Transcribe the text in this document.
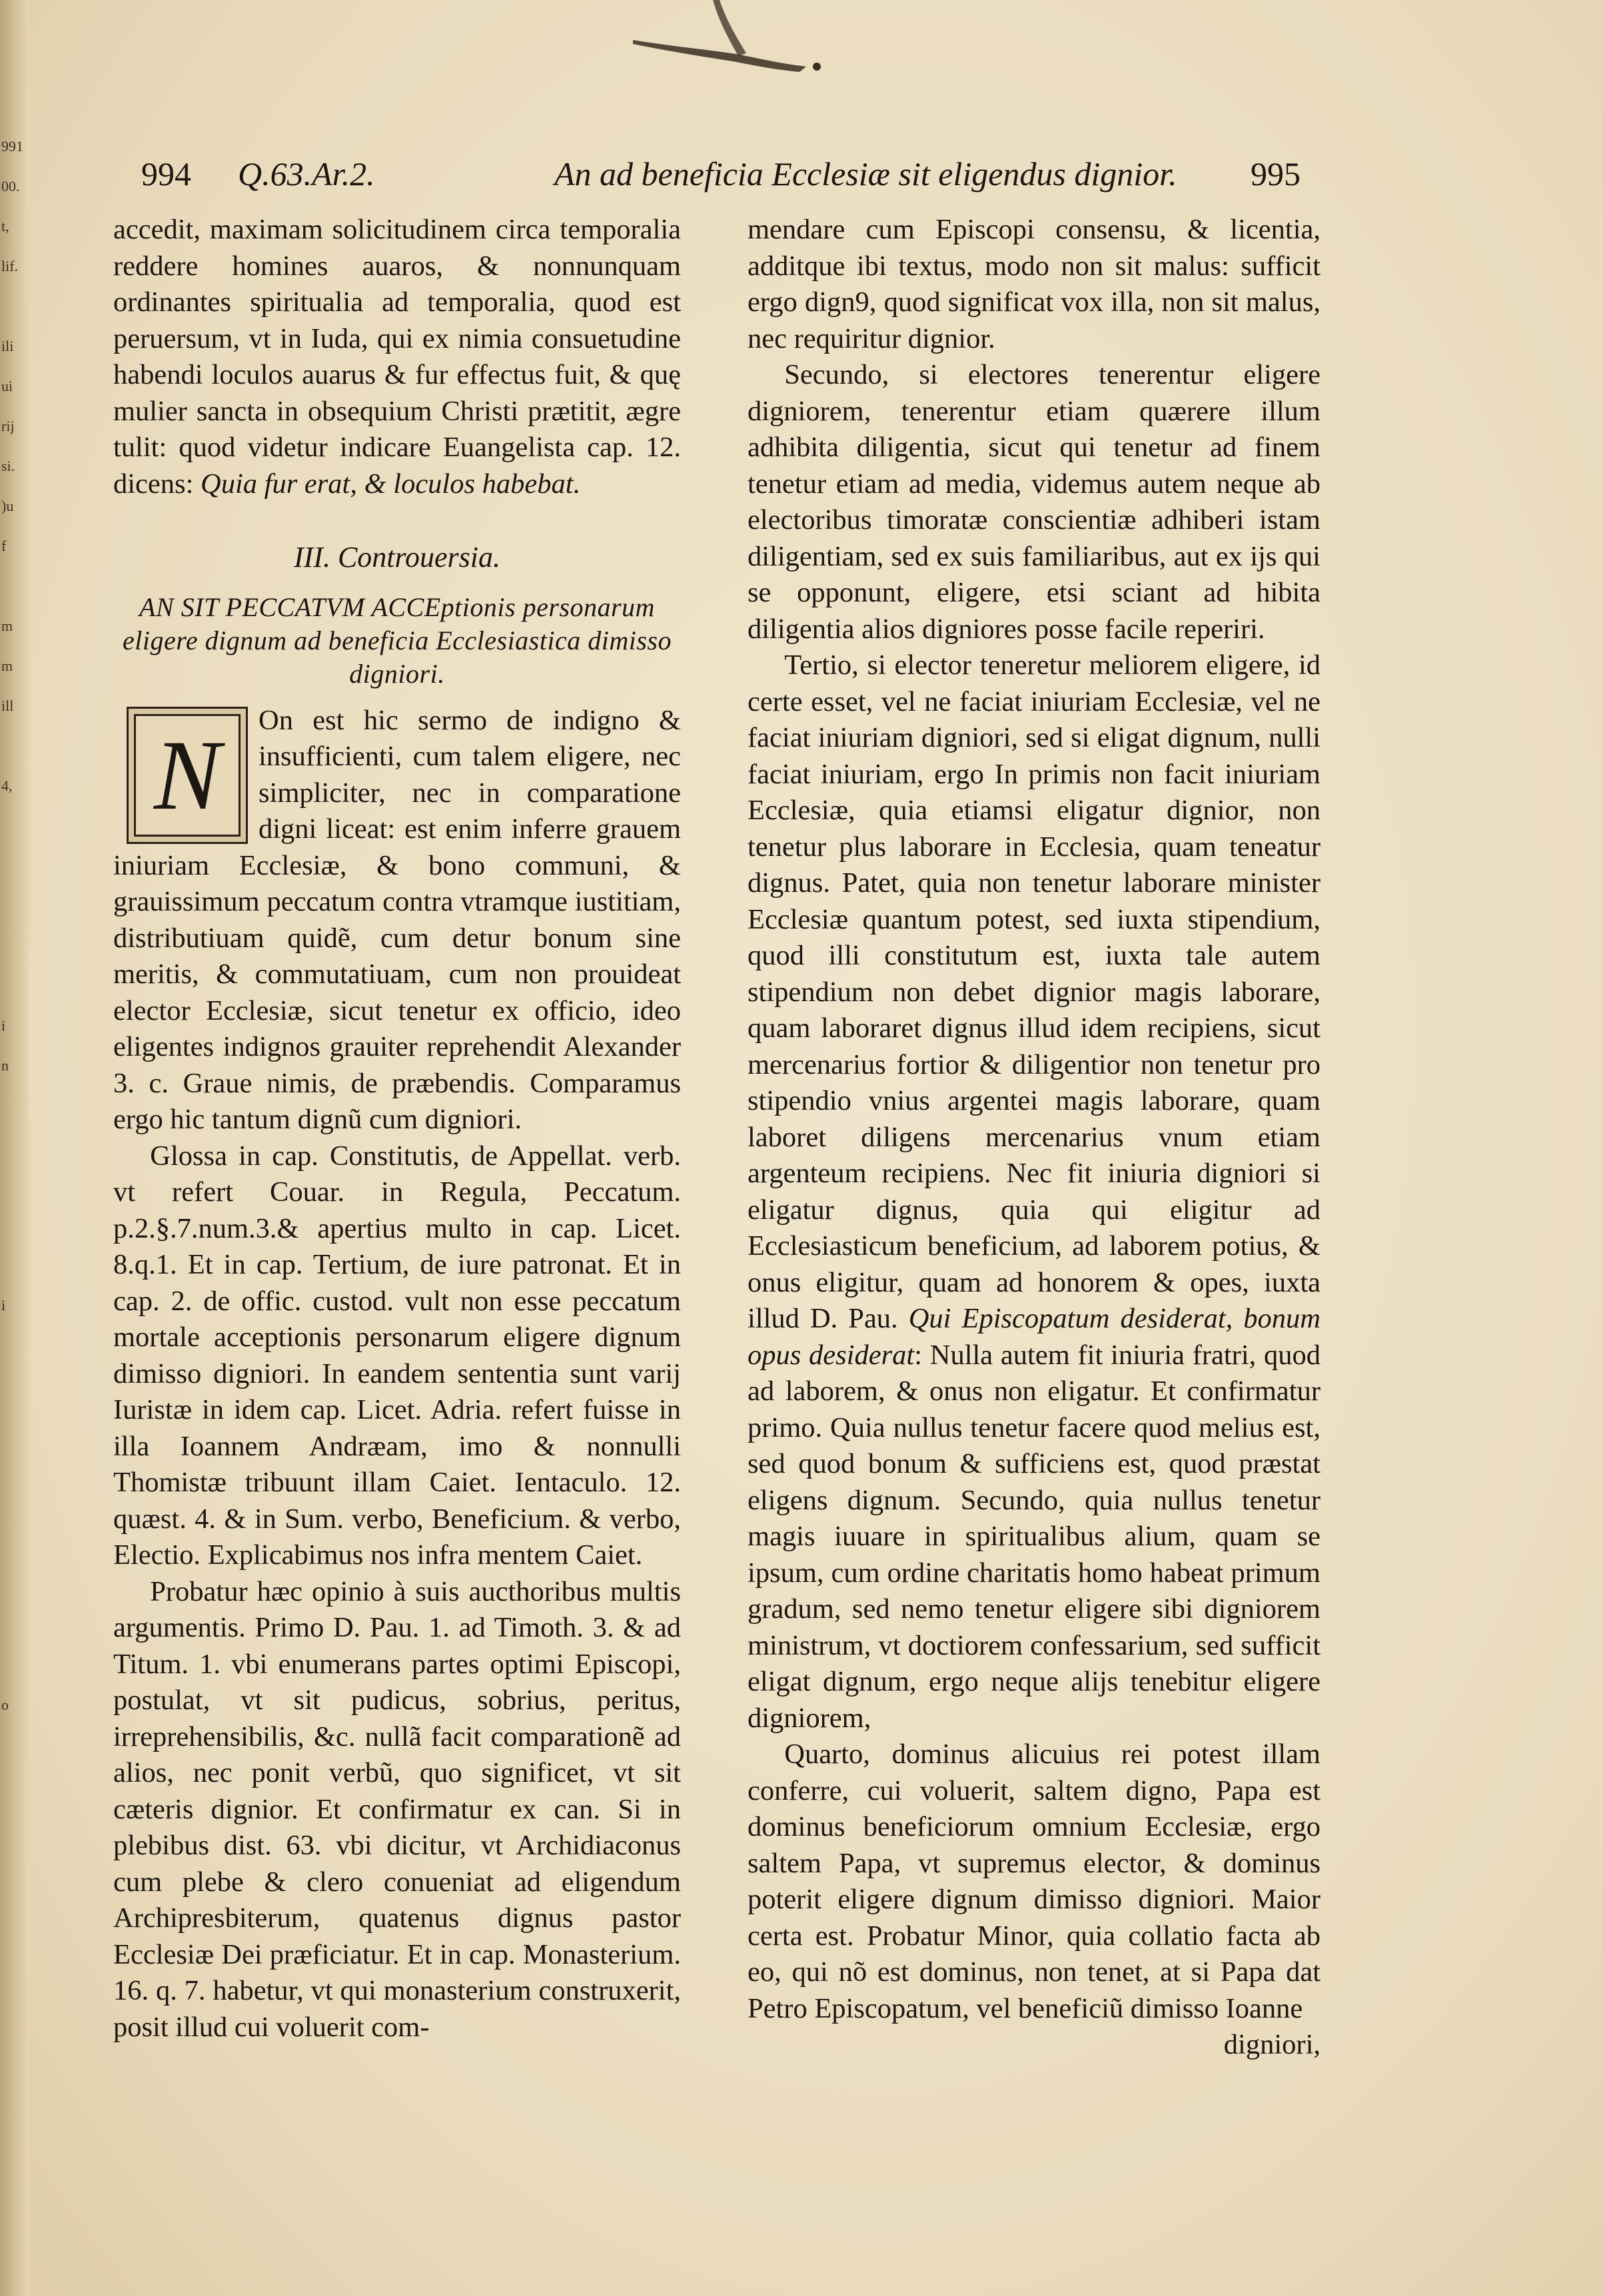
991
00.
t,
lif.

ili
ui
rij
si.
)u
f

m
m
ill

4,

i
n

i

o

994 Q.63.Ar.2.	An ad beneficia Ecclesiæ sit eligendus dignior. 995

accedit, maximam solicitudinem circa temporalia reddere homines auaros, & nonnunquam ordinantes spiritualia ad temporalia, quod est peruersum, vt in Iuda, qui ex nimia consuetudine habendi loculos auarus & fur effectus fuit, & quę mulier sancta in obsequium Christi prætitit, ægre tulit: quod videtur indicare Euangelista cap. 12. dicens: Quia fur erat, & loculos habebat.

III. Controuersia.

AN SIT PECCATVM ACCEptionis personarum eligere dignum ad beneficia Ecclesiastica dimisso digniori.

N	On est hic sermo de indigno & insufficienti, cum talem eligere, nec simpliciter, nec in comparatione digni liceat: est enim inferre grauem iniuriam Ecclesiæ, & bono communi, & grauissimum peccatum contra vtramque iustitiam, distributiuam quidẽ, cum detur bonum sine meritis, & commutatiuam, cum non prouideat elector Ecclesiæ, sicut tenetur ex officio, ideo eligentes indignos grauiter reprehendit Alexander 3. c. Graue nimis, de præbendis. Comparamus ergo hic tantum dignũ cum digniori.

Glossa in cap. Constitutis, de Appellat. verb. vt refert Couar. in Regula, Peccatum. p.2.§.7.num.3.& apertius multo in cap. Licet. 8.q.1. Et in cap. Tertium, de iure patronat. Et in cap. 2. de offic. custod. vult non esse peccatum mortale acceptionis personarum eligere dignum dimisso digniori. In eandem sententia sunt varij Iuristæ in idem cap. Licet. Adria. refert fuisse in illa Ioannem Andræam, imo & nonnulli Thomistæ tribuunt illam Caiet. Ientaculo. 12. quæst. 4. & in Sum. verbo, Beneficium. & verbo, Electio. Explicabimus nos infra mentem Caiet.

Probatur hæc opinio à suis aucthoribus multis argumentis. Primo D. Pau. 1. ad Timoth. 3. & ad Titum. 1. vbi enumerans partes optimi Episcopi, postulat, vt sit pudicus, sobrius, peritus, irreprehensibilis, &c. nullã facit comparationẽ ad alios, nec ponit verbũ, quo significet, vt sit cæteris dignior. Et confirmatur ex can. Si in plebibus dist. 63. vbi dicitur, vt Archidiaconus cum plebe & clero conueniat ad eligendum Archipresbiterum, quatenus dignus pastor Ecclesiæ Dei præficiatur. Et in cap. Monasterium. 16. q. 7. habetur, vt qui monasterium construxerit, posit illud cui voluerit com-

mendare cum Episcopi consensu, & licentia, additque ibi textus, modo non sit malus: sufficit ergo dign9, quod significat vox illa, non sit malus, nec requiritur dignior.

Secundo, si electores tenerentur eligere digniorem, tenerentur etiam quærere illum adhibita diligentia, sicut qui tenetur ad finem tenetur etiam ad media, videmus autem neque ab electoribus timoratæ conscientiæ adhiberi istam diligentiam, sed ex suis familiaribus, aut ex ijs qui se opponunt, eligere, etsi sciant ad hibita diligentia alios digniores posse facile reperiri.

Tertio, si elector teneretur meliorem eligere, id certe esset, vel ne faciat iniuriam Ecclesiæ, vel ne faciat iniuriam digniori, sed si eligat dignum, nulli faciat iniuriam, ergo In primis non facit iniuriam Ecclesiæ, quia etiamsi eligatur dignior, non tenetur plus laborare in Ecclesia, quam teneatur dignus. Patet, quia non tenetur laborare minister Ecclesiæ quantum potest, sed iuxta stipendium, quod illi constitutum est, iuxta tale autem stipendium non debet dignior magis laborare, quam laboraret dignus illud idem recipiens, sicut mercenarius fortior & diligentior non tenetur pro stipendio vnius argentei magis laborare, quam laboret diligens mercenarius vnum etiam argenteum recipiens. Nec fit iniuria digniori si eligatur dignus, quia qui eligitur ad Ecclesiasticum beneficium, ad laborem potius, & onus eligitur, quam ad honorem & opes, iuxta illud D. Pau. Qui Episcopatum desiderat, bonum opus desiderat: Nulla autem fit iniuria fratri, quod ad laborem, & onus non eligatur. Et confirmatur primo. Quia nullus tenetur facere quod melius est, sed quod bonum & sufficiens est, quod præstat eligens dignum. Secundo, quia nullus tenetur magis iuuare in spiritualibus alium, quam se ipsum, cum ordine charitatis homo habeat primum gradum, sed nemo tenetur eligere sibi digniorem ministrum, vt doctiorem confessarium, sed sufficit eligat dignum, ergo neque alijs tenebitur eligere digniorem,

Quarto, dominus alicuius rei potest illam conferre, cui voluerit, saltem digno, Papa est dominus beneficiorum omnium Ecclesiæ, ergo saltem Papa, vt supremus elector, & dominus poterit eligere dignum dimisso digniori. Maior certa est. Probatur Minor, quia collatio facta ab eo, qui nõ est dominus, non tenet, at si Papa dat Petro Episcopatum, vel beneficiũ dimisso Ioanne

digniori,
